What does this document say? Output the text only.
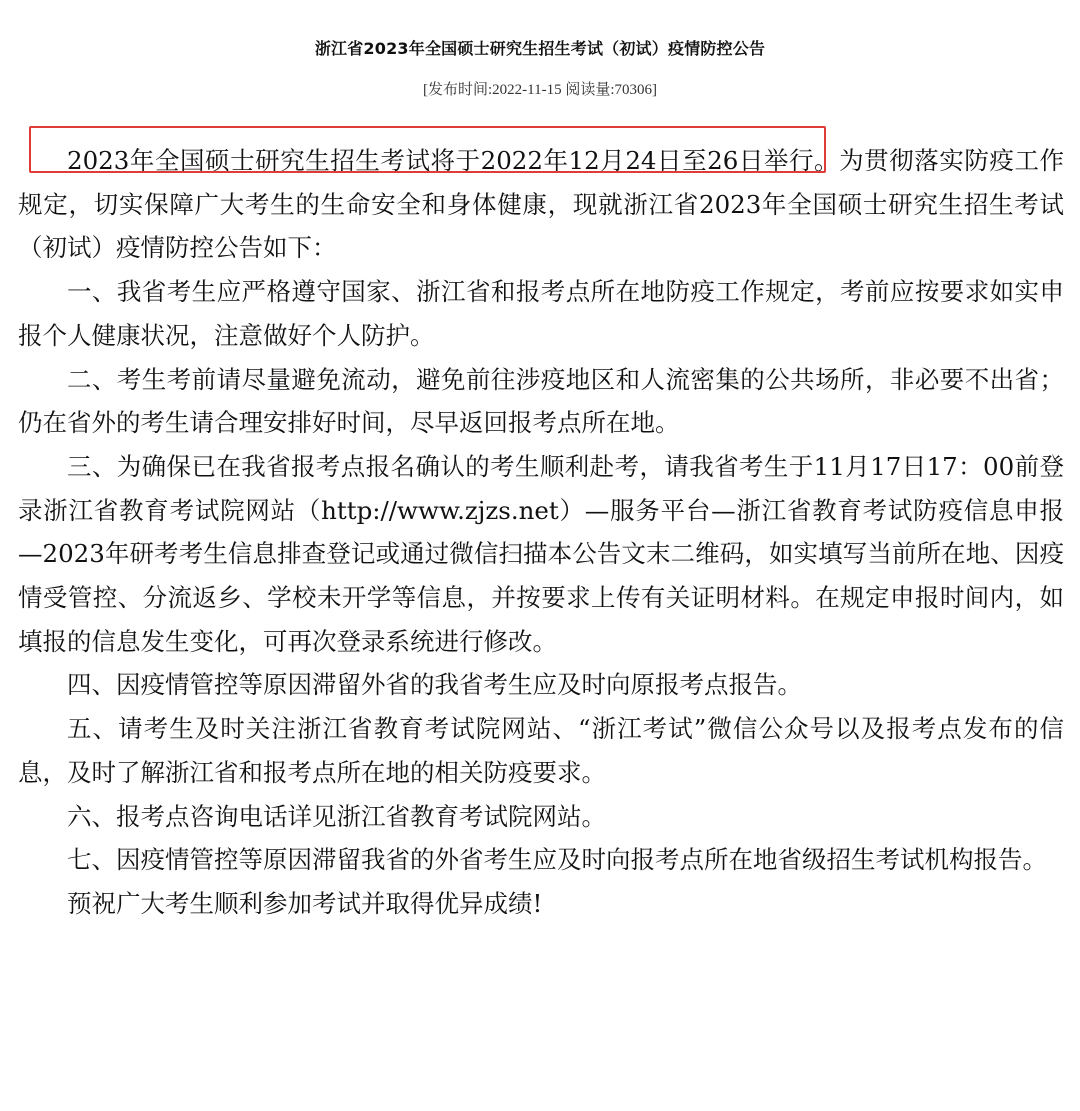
浙江省2023年全国硕士研究生招生考试（初试）疫情防控公告
[发布时间:2022-11-15 阅读量:70306]

2023年全国硕士研究生招生考试将于2022年12月24日至26日举行。为贯彻落实防疫工作规定，切实保障广大考生的生命安全和身体健康，现就浙江省2023年全国硕士研究生招生考试（初试）疫情防控公告如下：

一、我省考生应严格遵守国家、浙江省和报考点所在地防疫工作规定，考前应按要求如实申报个人健康状况，注意做好个人防护。

二、考生考前请尽量避免流动，避免前往涉疫地区和人流密集的公共场所，非必要不出省；仍在省外的考生请合理安排好时间，尽早返回报考点所在地。

三、为确保已在我省报考点报名确认的考生顺利赴考，请我省考生于11月17日17：00前登录浙江省教育考试院网站（http://www.zjzs.net）—服务平台—浙江省教育考试防疫信息申报—2023年研考考生信息排查登记或通过微信扫描本公告文末二维码，如实填写当前所在地、因疫情受管控、分流返乡、学校未开学等信息，并按要求上传有关证明材料。在规定申报时间内，如填报的信息发生变化，可再次登录系统进行修改。

四、因疫情管控等原因滞留外省的我省考生应及时向原报考点报告。

五、请考生及时关注浙江省教育考试院网站、“浙江考试”微信公众号以及报考点发布的信息，及时了解浙江省和报考点所在地的相关防疫要求。

六、报考点咨询电话详见浙江省教育考试院网站。

七、因疫情管控等原因滞留我省的外省考生应及时向报考点所在地省级招生考试机构报告。

预祝广大考生顺利参加考试并取得优异成绩!
